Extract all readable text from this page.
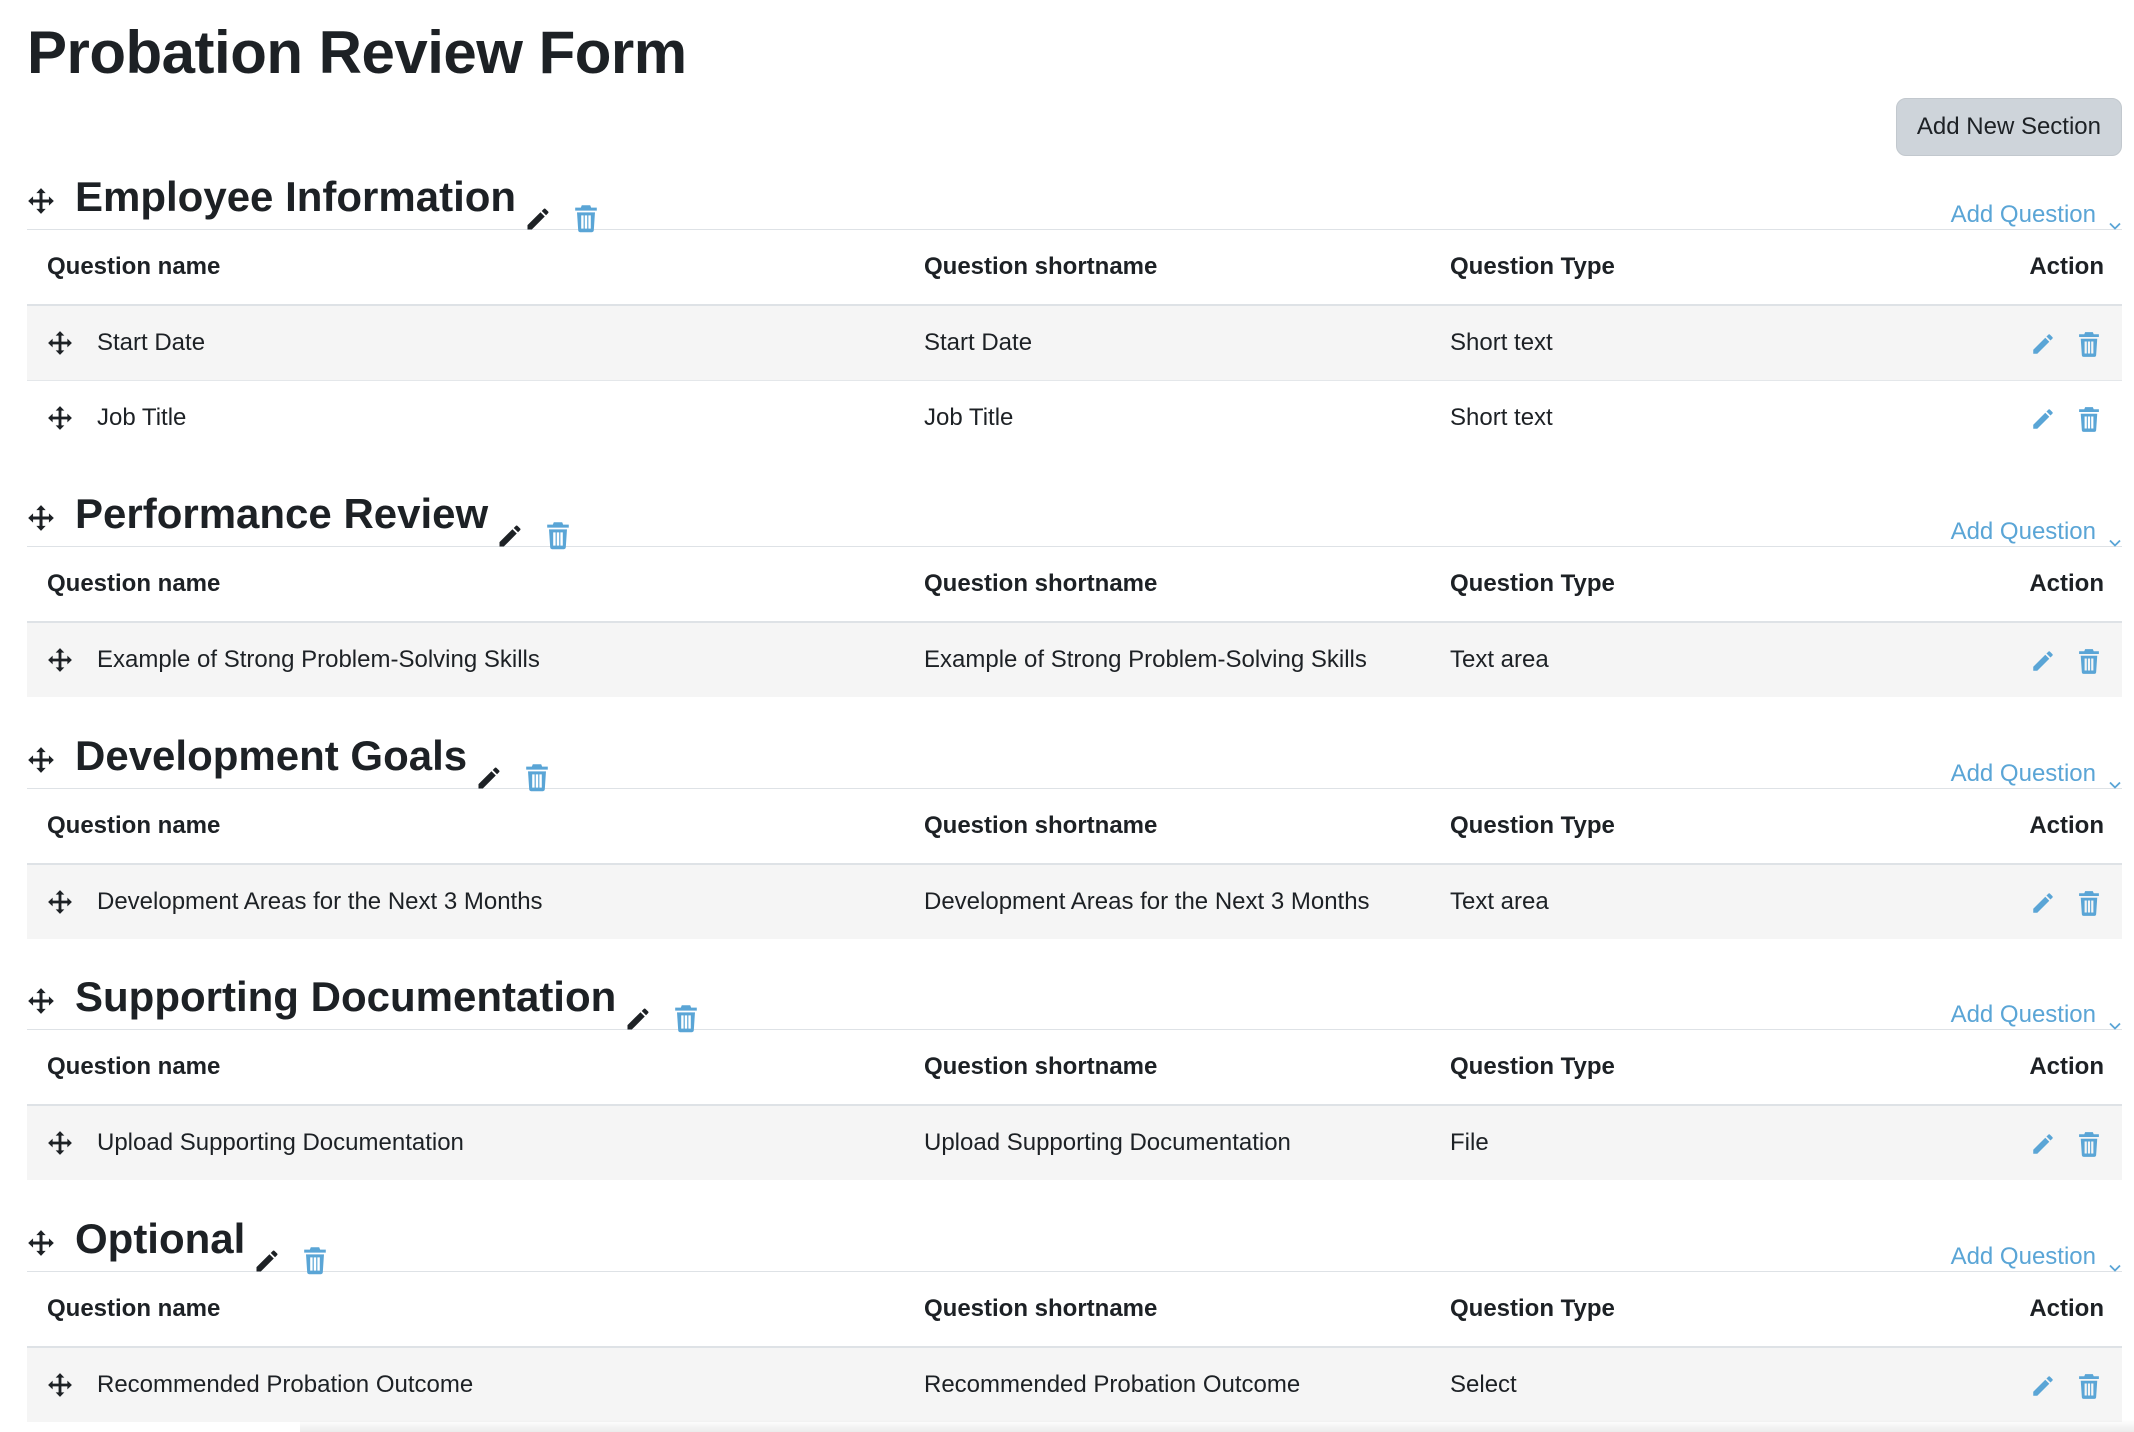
Probation Review Form
Add New Section
Employee Information	Add Question
Question name	Question shortname	Question Type	Action

Start Date	Start Date	Short text	

Job Title	Job Title	Short text	
Performance Review	Add Question
Question name	Question shortname	Question Type	Action

Example of Strong Problem-Solving Skills	Example of Strong Problem-Solving Skills	Text area	
Development Goals	Add Question
Question name	Question shortname	Question Type	Action

Development Areas for the Next 3 Months	Development Areas for the Next 3 Months	Text area	
Supporting Documentation	Add Question
Question name	Question shortname	Question Type	Action

Upload Supporting Documentation	Upload Supporting Documentation	File	
Optional	Add Question
Question name	Question shortname	Question Type	Action

Recommended Probation Outcome	Recommended Probation Outcome	Select	
